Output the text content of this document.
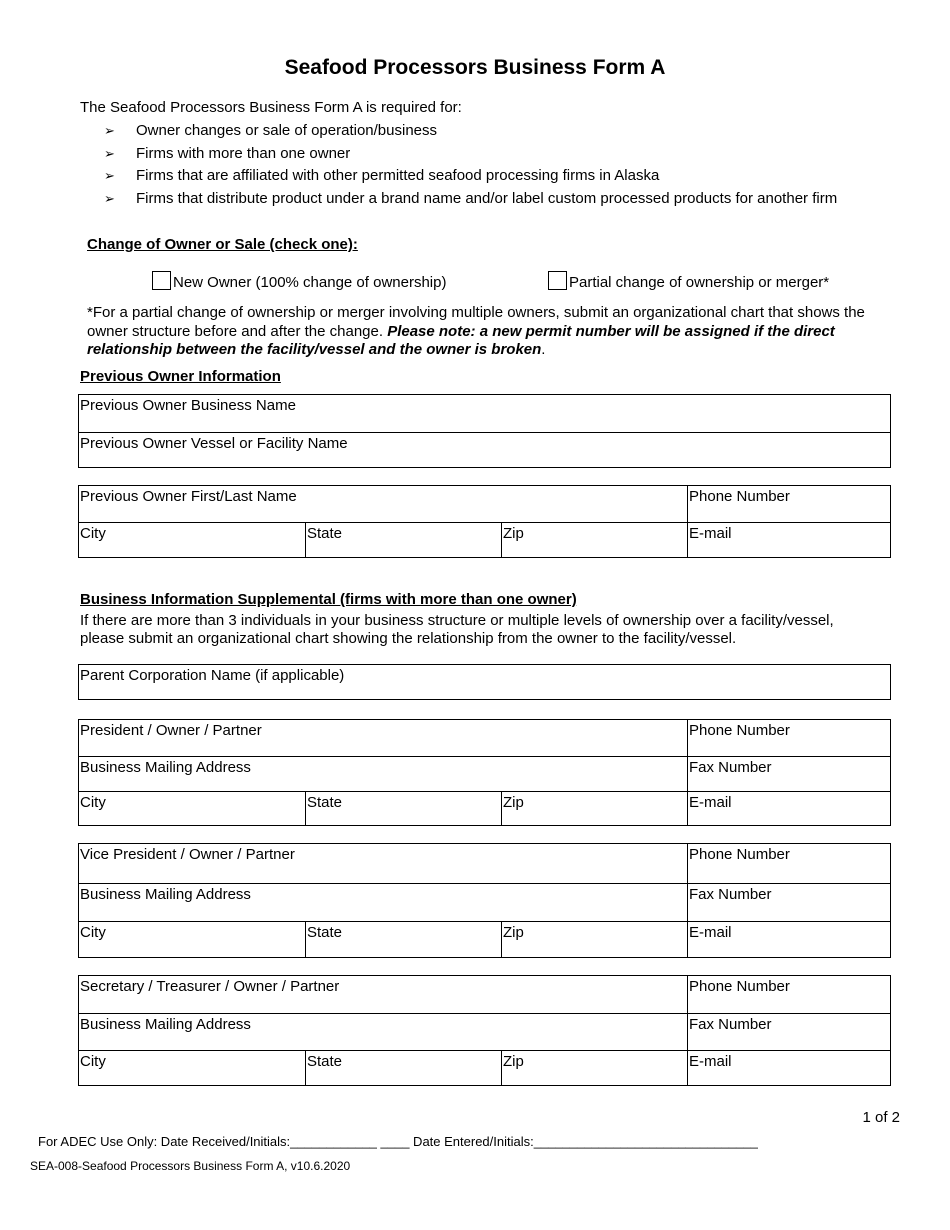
Seafood Processors Business Form A
The Seafood Processors Business Form A is required for:
➢ Owner changes or sale of operation/business
➢ Firms with more than one owner
➢ Firms that are affiliated with other permitted seafood processing firms in Alaska
➢ Firms that distribute product under a brand name and/or label custom processed products for another firm
Change of Owner or Sale (check one):
New Owner (100% change of ownership)	Partial change of ownership or merger*
*For a partial change of ownership or merger involving multiple owners, submit an organizational chart that shows the owner structure before and after the change. Please note: a new permit number will be assigned if the direct relationship between the facility/vessel and the owner is broken.
Previous Owner Information
Previous Owner Business Name
Previous Owner Vessel or Facility Name
Previous Owner First/Last Name	Phone Number
City	State	Zip	E-mail
Business Information Supplemental (firms with more than one owner)
If there are more than 3 individuals in your business structure or multiple levels of ownership over a facility/vessel, please submit an organizational chart showing the relationship from the owner to the facility/vessel.
Parent Corporation Name (if applicable)
President / Owner / Partner	Phone Number
Business Mailing Address	Fax Number
City	State	Zip	E-mail
Vice President / Owner / Partner	Phone Number
Business Mailing Address	Fax Number
City	State	Zip	E-mail
Secretary / Treasurer / Owner / Partner	Phone Number
Business Mailing Address	Fax Number
City	State	Zip	E-mail
1 of 2
For ADEC Use Only: Date Received/Initials:____________ ____ Date Entered/Initials:_______________________________
SEA-008-Seafood Processors Business Form A, v10.6.2020
